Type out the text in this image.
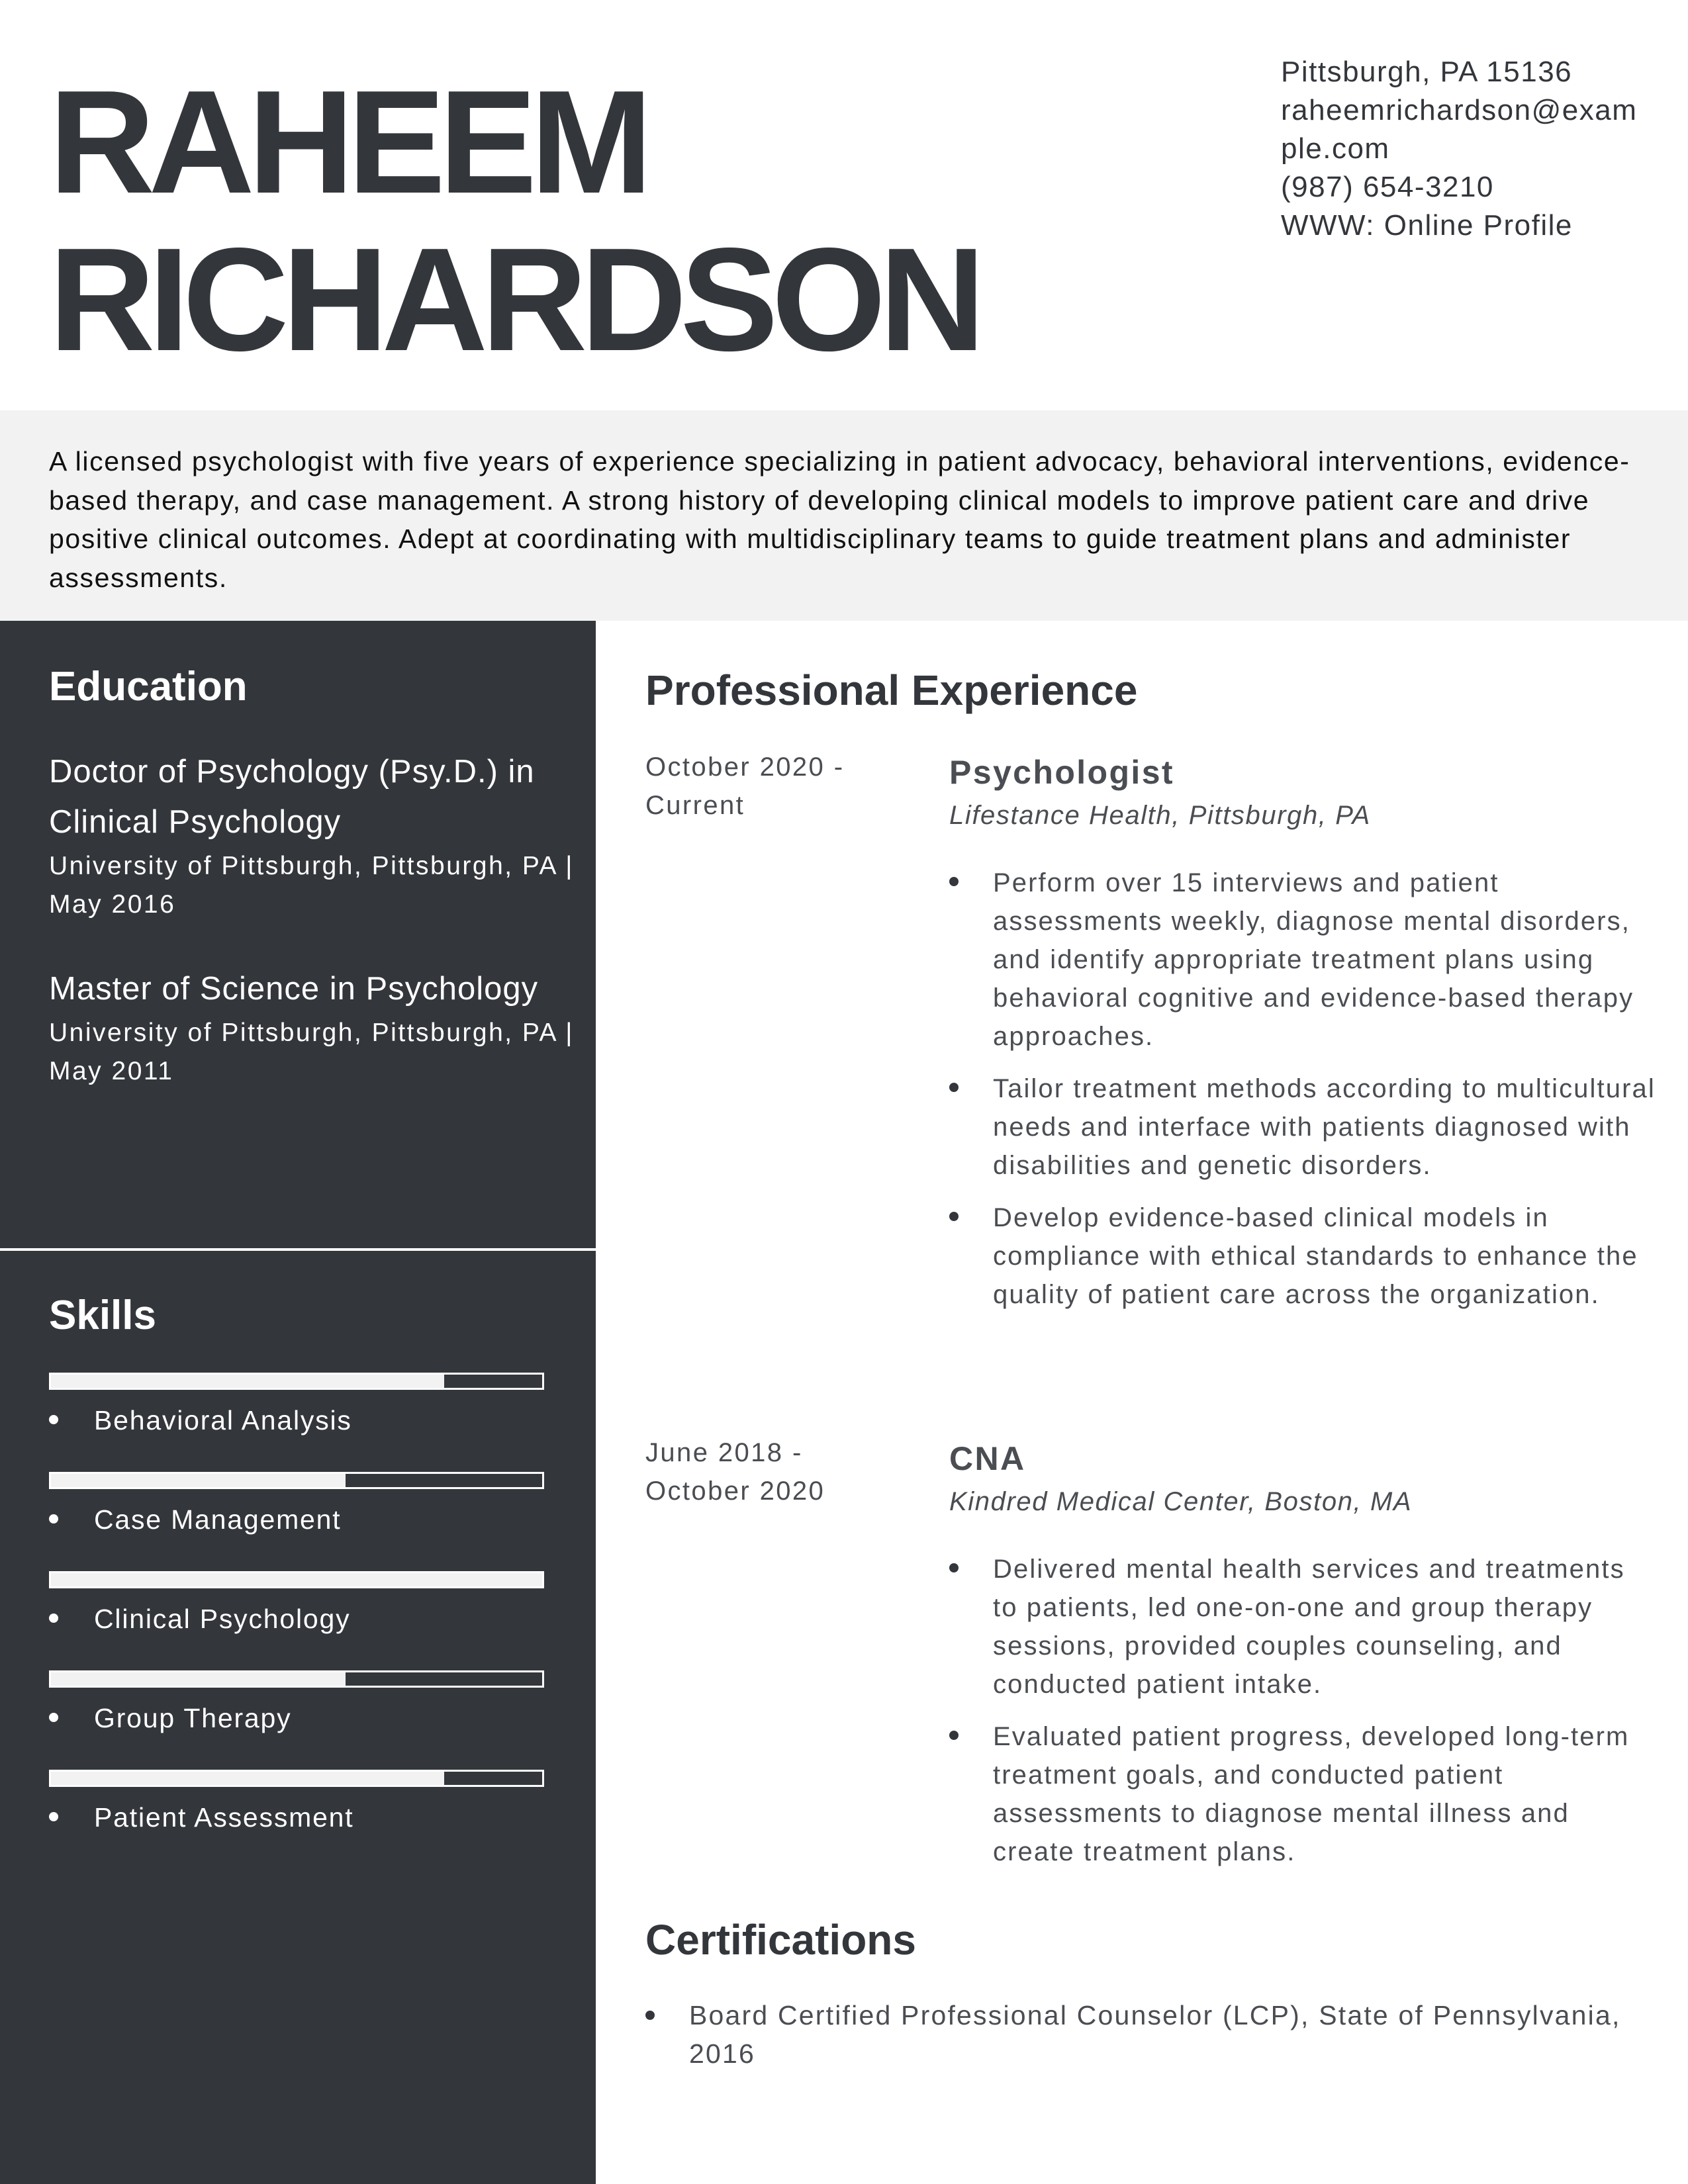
RAHEEM
RICHARDSON
Pittsburgh, PA 15136
raheemrichardson@example.com
(987) 654-3210
WWW: Online Profile

A licensed psychologist with five years of experience specializing in patient advocacy, behavioral interventions, evidence-based therapy, and case management. A strong history of developing clinical models to improve patient care and drive positive clinical outcomes. Adept at coordinating with multidisciplinary teams to guide treatment plans and administer assessments.

Education
Doctor of Psychology (Psy.D.) in Clinical Psychology
University of Pittsburgh, Pittsburgh, PA | May 2016
Master of Science in Psychology
University of Pittsburgh, Pittsburgh, PA | May 2011
Skills
Behavioral Analysis
Case Management
Clinical Psychology
Group Therapy
Patient Assessment
Professional Experience
October 2020 - Current
Psychologist
Lifestance Health, Pittsburgh, PA
Perform over 15 interviews and patient assessments weekly, diagnose mental disorders, and identify appropriate treatment plans using behavioral cognitive and evidence-based therapy approaches.
Tailor treatment methods according to multicultural needs and interface with patients diagnosed with disabilities and genetic disorders.
Develop evidence-based clinical models in compliance with ethical standards to enhance the quality of patient care across the organization.
June 2018 - October 2020
CNA
Kindred Medical Center, Boston, MA
Delivered mental health services and treatments to patients, led one-on-one and group therapy sessions, provided couples counseling, and conducted patient intake.
Evaluated patient progress, developed long-term treatment goals, and conducted patient assessments to diagnose mental illness and create treatment plans.
Certifications
Board Certified Professional Counselor (LCP), State of Pennsylvania, 2016
